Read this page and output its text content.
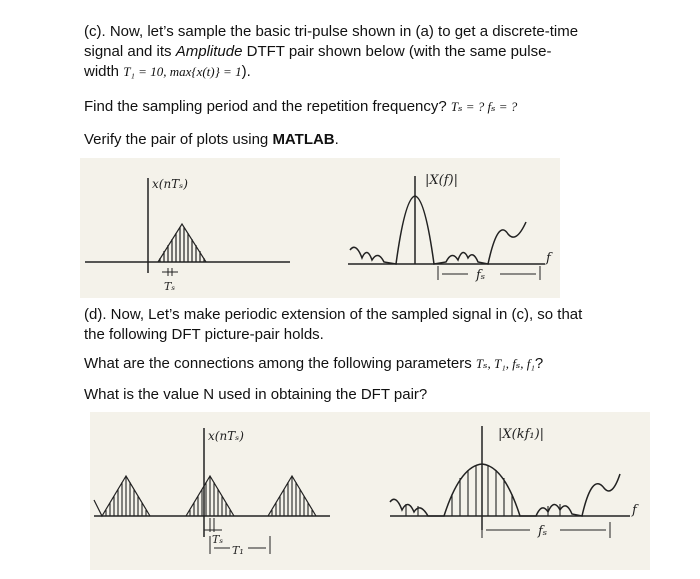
(c). Now, let’s sample the basic tri-pulse shown in (a) to get a discrete-time
signal and its Amplitude DTFT pair shown below (with the same pulse-
width T₁ = 10, max{x(t)} = 1).
Find the sampling period and the repetition frequency? Tₛ = ? fₛ = ?
Verify the pair of plots using MATLAB.
x(nTₛ)
Tₛ
|X(f)|
f
fₛ
(d). Now, Let’s make periodic extension of the sampled signal in (c), so that
the following DFT picture-pair holds.
What are the connections among the following parameters Tₛ, T₁, fₛ, f₁?
What is the value N used in obtaining the DFT pair?
x(nTₛ)
Tₛ
T₁
|X(kf₁)|
f
fₛ
